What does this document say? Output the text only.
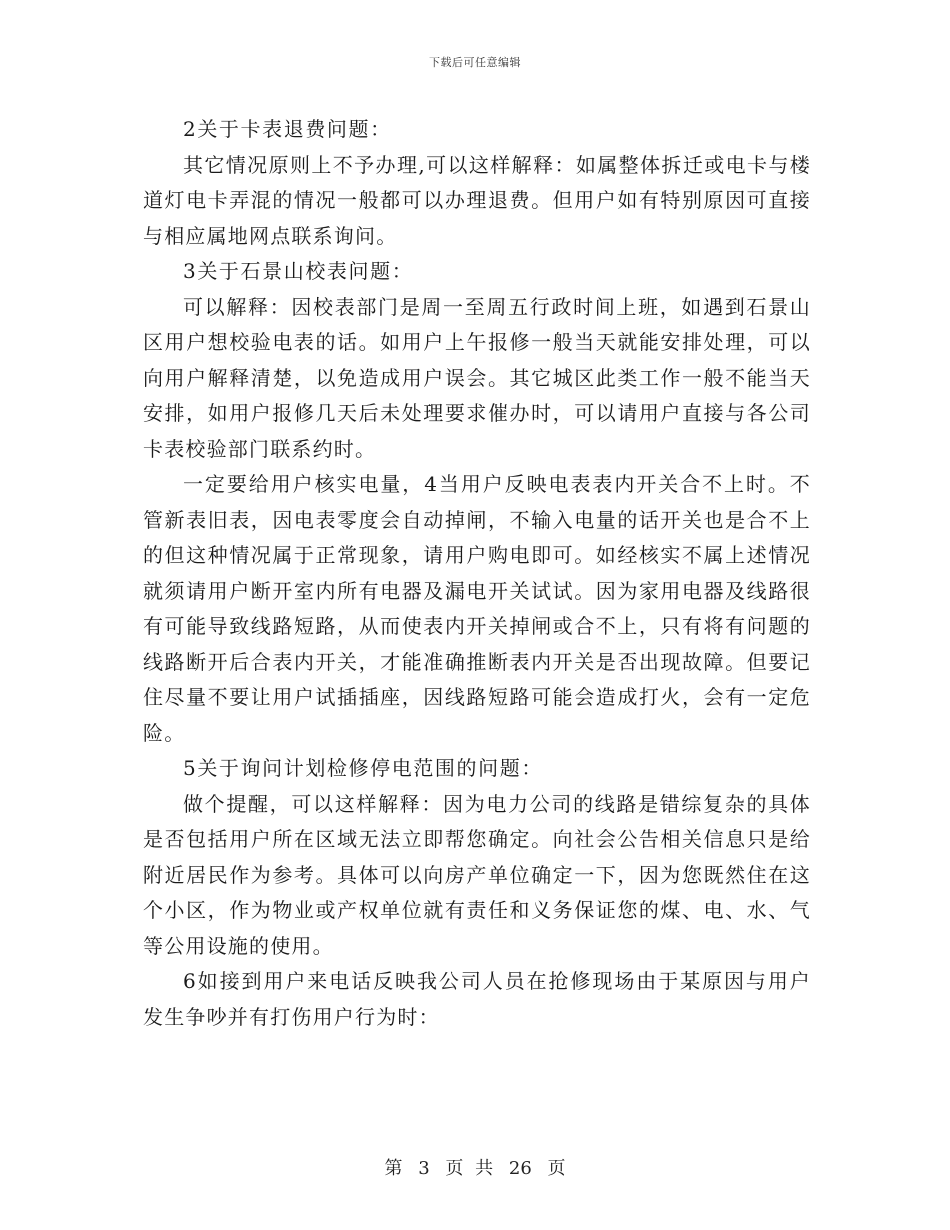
下载后可任意编辑

2关于卡表退费问题：

其它情况原则上不予办理,可以这样解释：如属整体拆迁或电卡与楼道灯电卡弄混的情况一般都可以办理退费。但用户如有特别原因可直接与相应属地网点联系询问。

3关于石景山校表问题：

可以解释：因校表部门是周一至周五行政时间上班，如遇到石景山区用户想校验电表的话。如用户上午报修一般当天就能安排处理，可以向用户解释清楚，以免造成用户误会。其它城区此类工作一般不能当天安排，如用户报修几天后未处理要求催办时，可以请用户直接与各公司卡表校验部门联系约时。

一定要给用户核实电量，4当用户反映电表表内开关合不上时。不管新表旧表，因电表零度会自动掉闸，不输入电量的话开关也是合不上的但这种情况属于正常现象，请用户购电即可。如经核实不属上述情况就须请用户断开室内所有电器及漏电开关试试。因为家用电器及线路很有可能导致线路短路，从而使表内开关掉闸或合不上，只有将有问题的线路断开后合表内开关，才能准确推断表内开关是否出现故障。但要记住尽量不要让用户试插插座，因线路短路可能会造成打火，会有一定危险。

5关于询问计划检修停电范围的问题：

做个提醒，可以这样解释：因为电力公司的线路是错综复杂的具体是否包括用户所在区域无法立即帮您确定。向社会公告相关信息只是给附近居民作为参考。具体可以向房产单位确定一下，因为您既然住在这个小区，作为物业或产权单位就有责任和义务保证您的煤、电、水、气等公用设施的使用。

6如接到用户来电话反映我公司人员在抢修现场由于某原因与用户发生争吵并有打伤用户行为时：

第 3 页 共 26 页
